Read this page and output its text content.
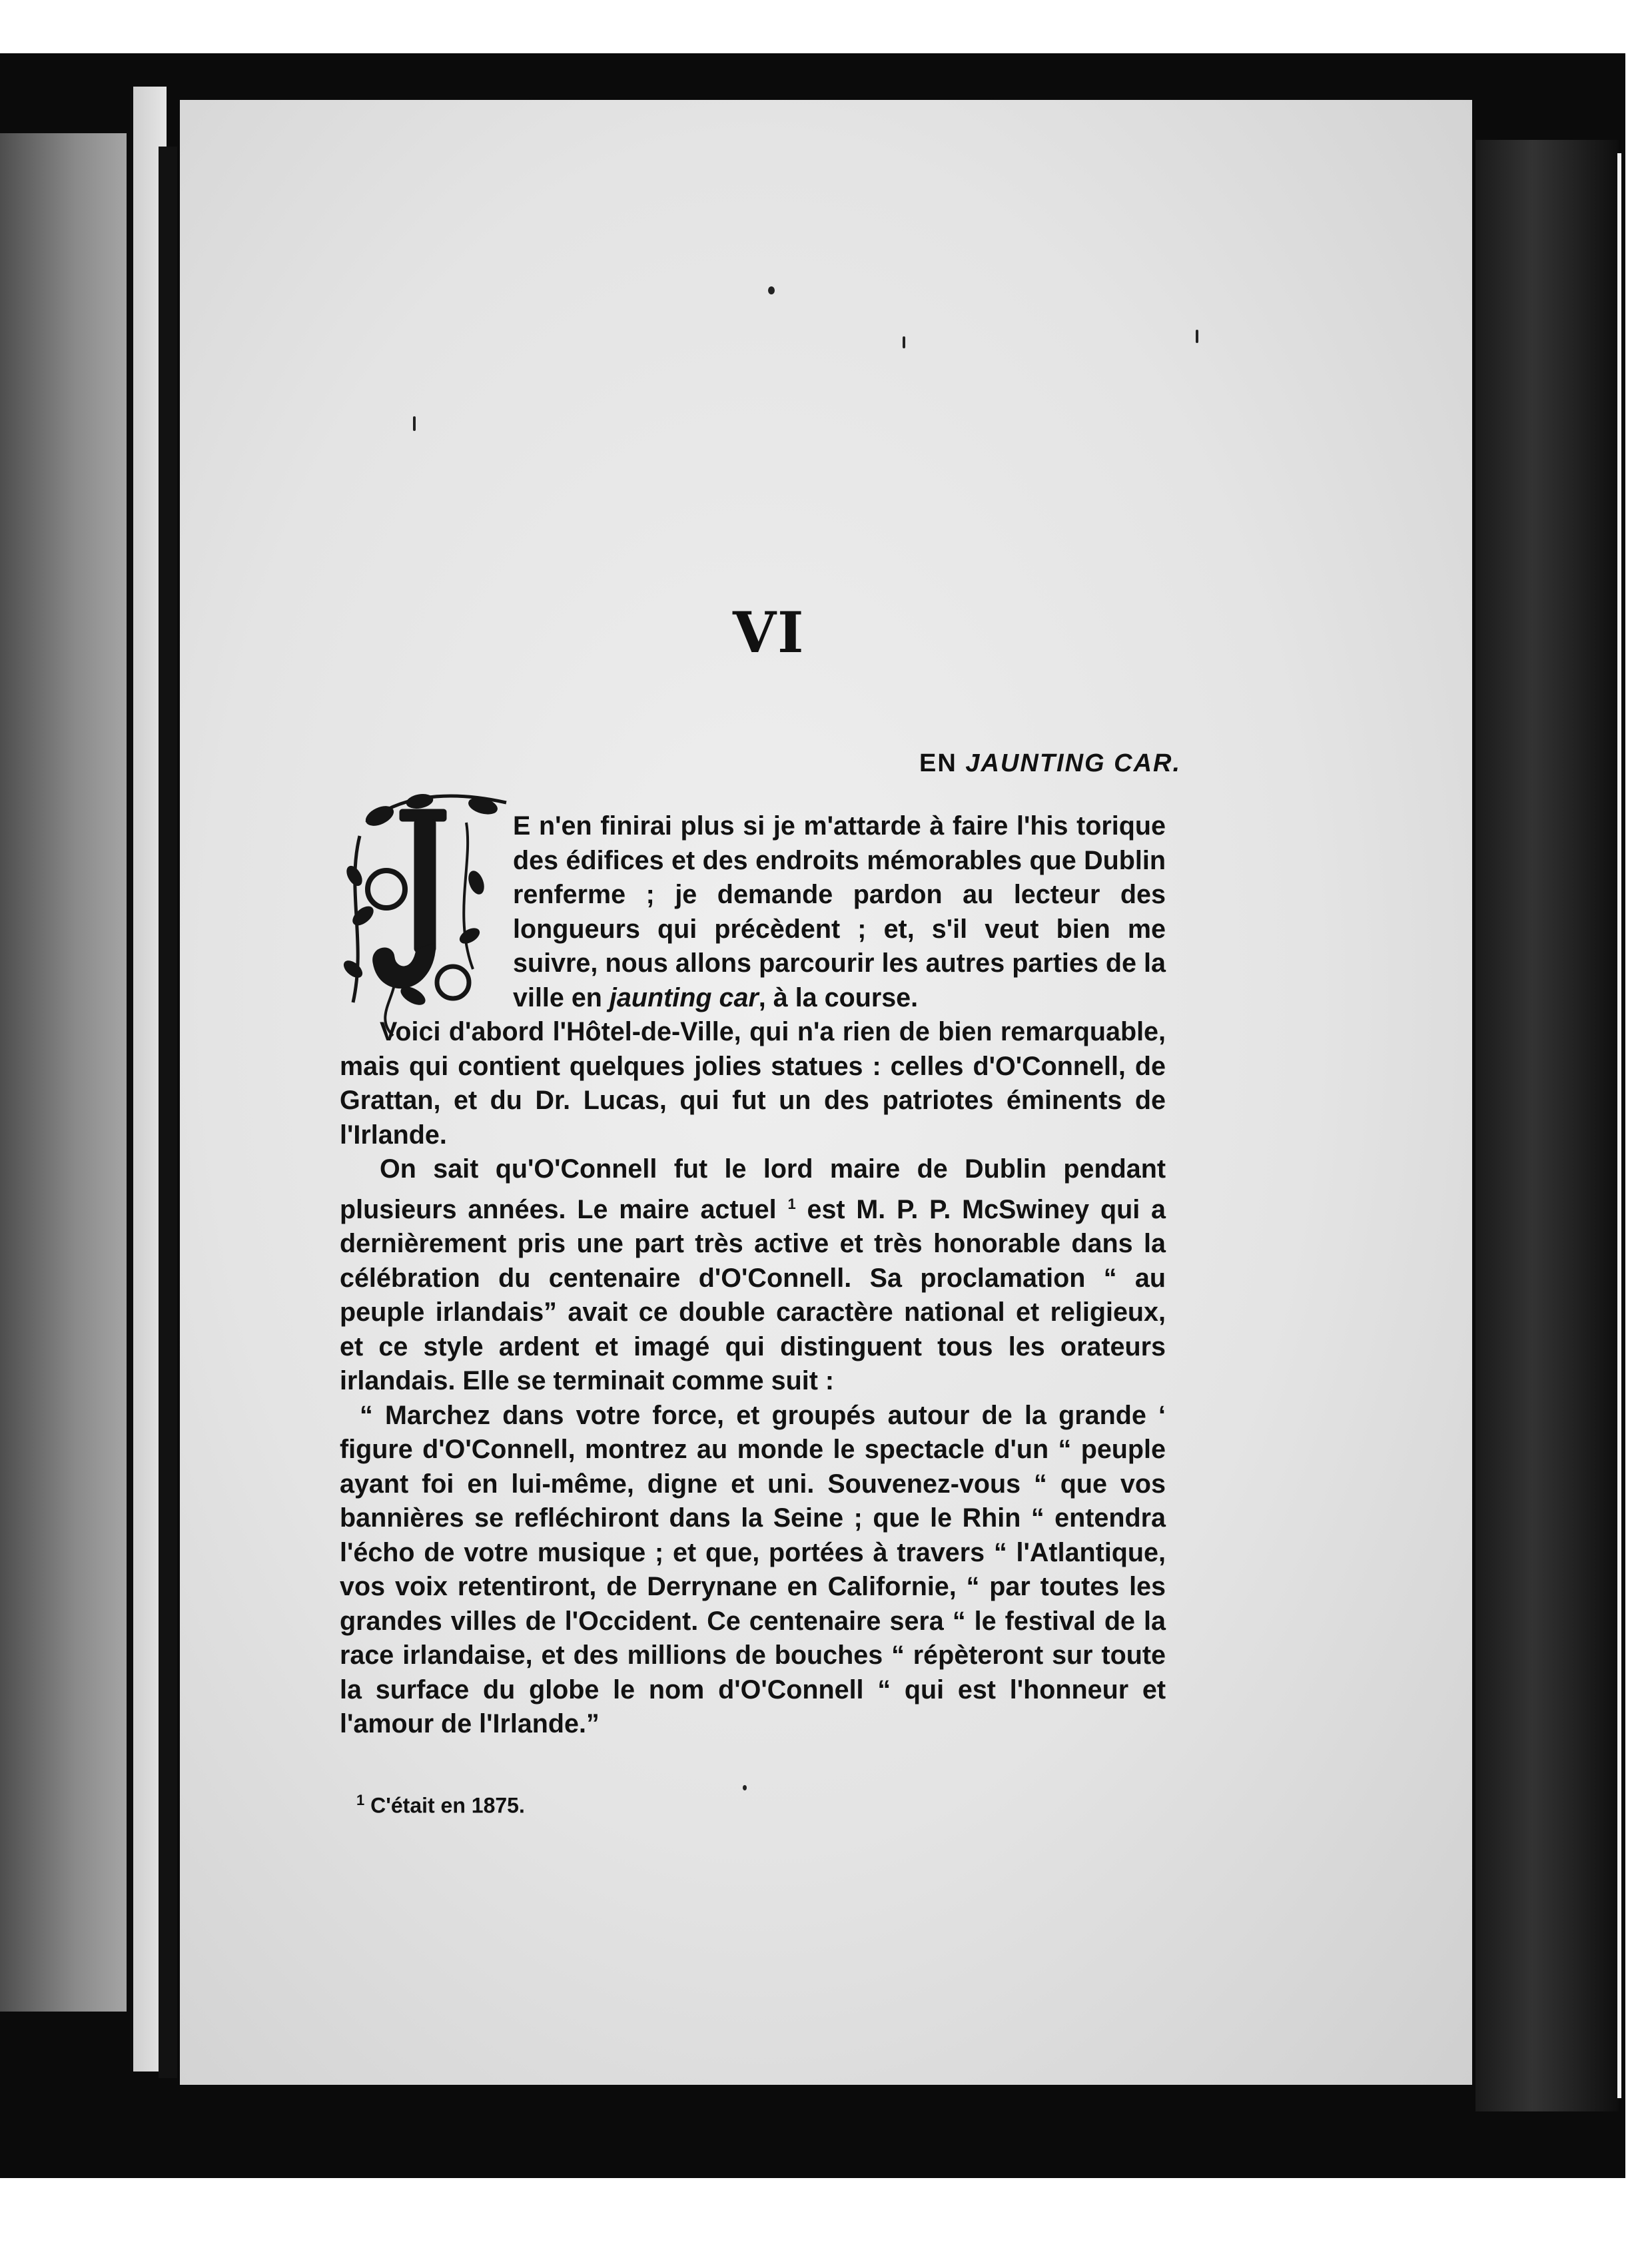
VI
EN JAUNTING CAR.

E n'en finirai plus si je m'attarde à faire l'his torique des édifices et des endroits mémorables que Dublin renferme ; je demande pardon au lecteur des longueurs qui précèdent ; et, s'il veut bien me suivre, nous allons parcourir les autres parties de la ville en jaunting car, à la course.

Voici d'abord l'Hôtel-de-Ville, qui n'a rien de bien remarquable, mais qui contient quelques jolies statues : celles d'O'Connell, de Grattan, et du Dr. Lucas, qui fut un des patriotes éminents de l'Irlande.

On sait qu'O'Connell fut le lord maire de Dublin pendant plusieurs années. Le maire actuel $^1$ est M. P. P. McSwiney qui a dernièrement pris une part très active et très honorable dans la célébration du centenaire d'O'Connell. Sa proclamation “ au peuple irlandais” avait ce double caractère national et religieux, et ce style ardent et imagé qui distinguent tous les orateurs irlandais. Elle se terminait comme suit :

“ Marchez dans votre force, et groupés autour de la grande ‘ figure d'O'Connell, montrez au monde le spectacle d'un “ peuple ayant foi en lui-même, digne et uni. Souvenez-vous “ que vos bannières se refléchiront dans la Seine ; que le Rhin “ entendra l'écho de votre musique ; et que, portées à travers “ l'Atlantique, vos voix retentiront, de Derrynane en Californie, “ par toutes les grandes villes de l'Occident. Ce centenaire sera “ le festival de la race irlandaise, et des millions de bouches “ répèteront sur toute la surface du globe le nom d'O'Connell “ qui est l'honneur et l'amour de l'Irlande.”

$^1$ C'était en 1875.
